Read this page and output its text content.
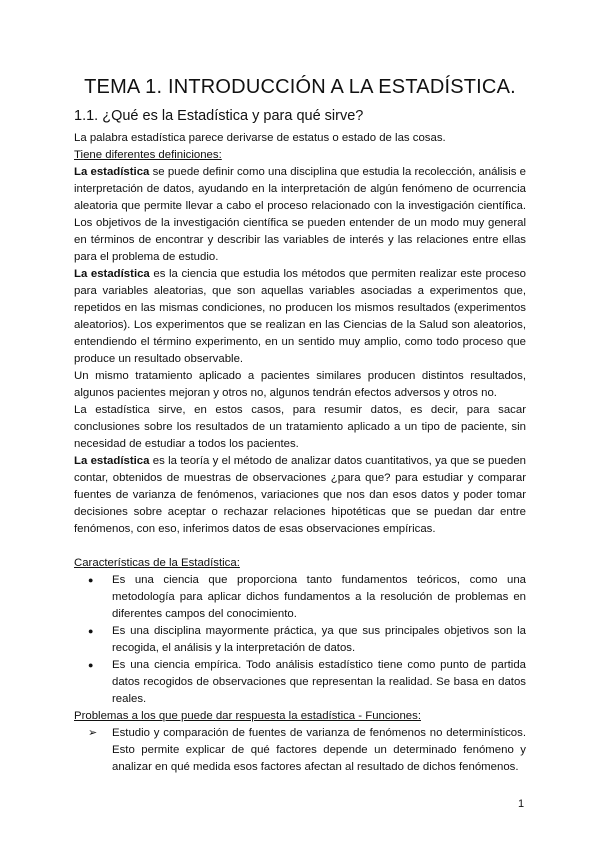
TEMA 1. INTRODUCCIÓN A LA ESTADÍSTICA.
1.1. ¿Qué es la Estadística y para qué sirve?

La palabra estadística parece derivarse de estatus o estado de las cosas.

Tiene diferentes definiciones:

La estadística se puede definir como una disciplina que estudia la recolección, análisis e interpretación de datos, ayudando en la interpretación de algún fenómeno de ocurrencia aleatoria que permite llevar a cabo el proceso relacionado con la investigación científica. Los objetivos de la investigación científica se pueden entender de un modo muy general en términos de encontrar y describir las variables de interés y las relaciones entre ellas para el problema de estudio.

La estadística es la ciencia que estudia los métodos que permiten realizar este proceso para variables aleatorias, que son aquellas variables asociadas a experimentos que, repetidos en las mismas condiciones, no producen los mismos resultados (experimentos aleatorios). Los experimentos que se realizan en las Ciencias de la Salud son aleatorios, entendiendo el término experimento, en un sentido muy amplio, como todo proceso que produce un resultado observable.

Un mismo tratamiento aplicado a pacientes similares producen distintos resultados, algunos pacientes mejoran y otros no, algunos tendrán efectos adversos y otros no.

La estadística sirve, en estos casos, para resumir datos, es decir, para sacar conclusiones sobre los resultados de un tratamiento aplicado a un tipo de paciente, sin necesidad de estudiar a todos los pacientes.

La estadística es la teoría y el método de analizar datos cuantitativos, ya que se pueden contar, obtenidos de muestras de observaciones ¿para que? para estudiar y comparar fuentes de varianza de fenómenos, variaciones que nos dan esos datos y poder tomar decisiones sobre aceptar o rechazar relaciones hipotéticas que se puedan dar entre fenómenos, con eso, inferimos datos de esas observaciones empíricas.

Características de la Estadística:

● Es una ciencia que proporciona tanto fundamentos teóricos, como una metodología para aplicar dichos fundamentos a la resolución de problemas en diferentes campos del conocimiento.
● Es una disciplina mayormente práctica, ya que sus principales objetivos son la recogida, el análisis y la interpretación de datos.
● Es una ciencia empírica. Todo análisis estadístico tiene como punto de partida datos recogidos de observaciones que representan la realidad. Se basa en datos reales.

Problemas a los que puede dar respuesta la estadística - Funciones:

➢ Estudio y comparación de fuentes de varianza de fenómenos no determinísticos. Esto permite explicar de qué factores depende un determinado fenómeno y analizar en qué medida esos factores afectan al resultado de dichos fenómenos.
1
